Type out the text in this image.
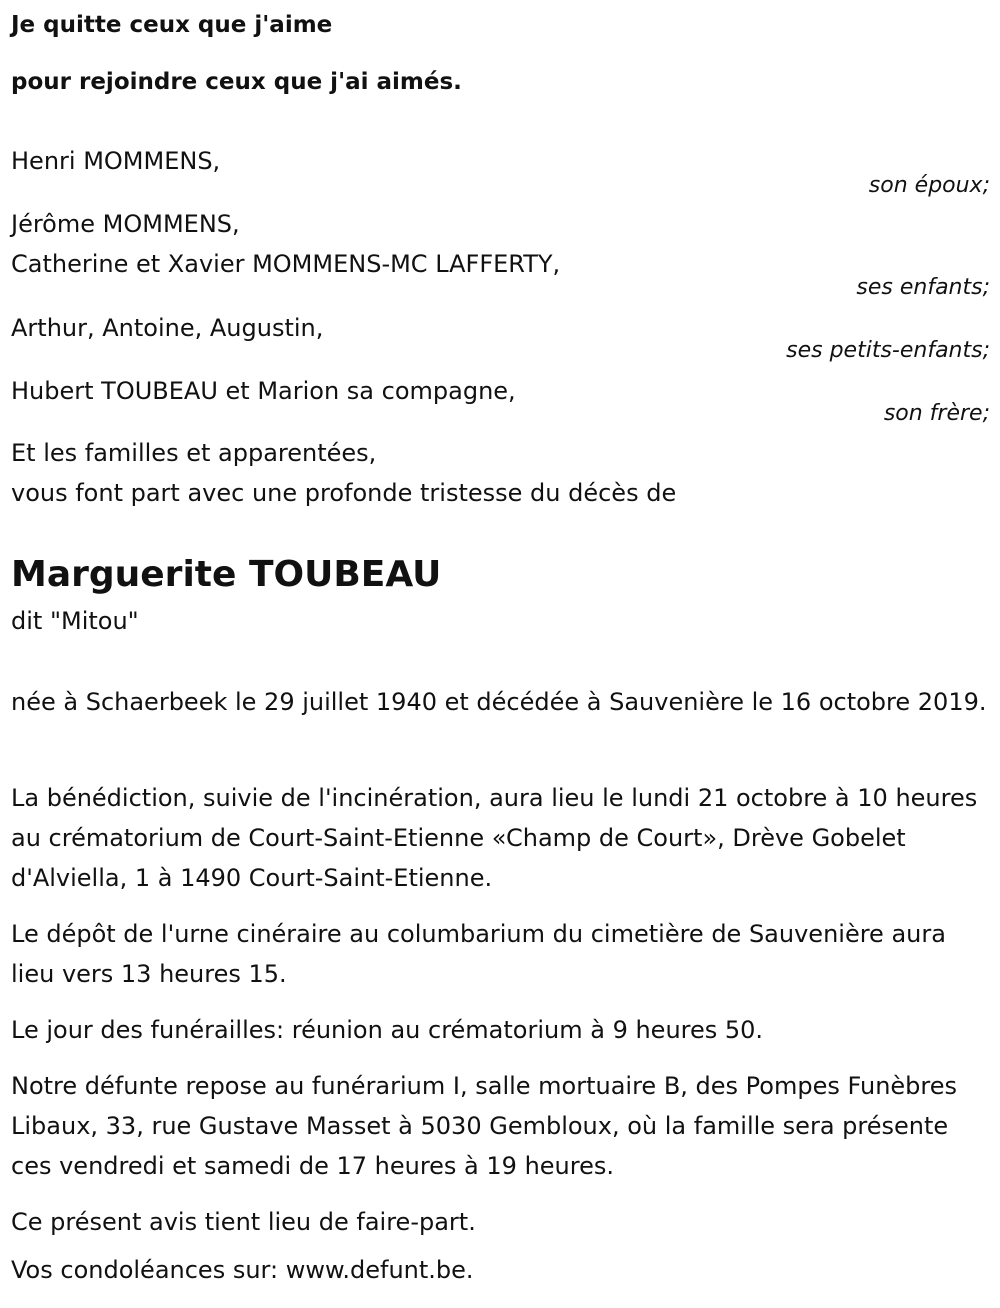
Je quitte ceux que j'aime
pour rejoindre ceux que j'ai aimés.
Henri MOMMENS,
son époux;
Jérôme MOMMENS,
Catherine et Xavier MOMMENS-MC LAFFERTY,
ses enfants;
Arthur, Antoine, Augustin,
ses petits-enfants;
Hubert TOUBEAU et Marion sa compagne,
son frère;
Et les familles et apparentées,
vous font part avec une profonde tristesse du décès de
Marguerite TOUBEAU
dit "Mitou"
née à Schaerbeek le 29 juillet 1940 et décédée à Sauvenière le 16 octobre 2019.
La bénédiction, suivie de l'incinération, aura lieu le lundi 21 octobre à 10 heures au crématorium de Court-Saint-Etienne «Champ de Court», Drève Gobelet d'Alviella, 1 à 1490 Court-Saint-Etienne.
Le dépôt de l'urne cinéraire au columbarium du cimetière de Sauvenière aura lieu vers 13 heures 15.
Le jour des funérailles: réunion au crématorium à 9 heures 50.
Notre défunte repose au funérarium I, salle mortuaire B, des Pompes Funèbres Libaux, 33, rue Gustave Masset à 5030 Gembloux, où la famille sera présente ces vendredi et samedi de 17 heures à 19 heures.
Ce présent avis tient lieu de faire-part.
Vos condoléances sur: www.defunt.be.
